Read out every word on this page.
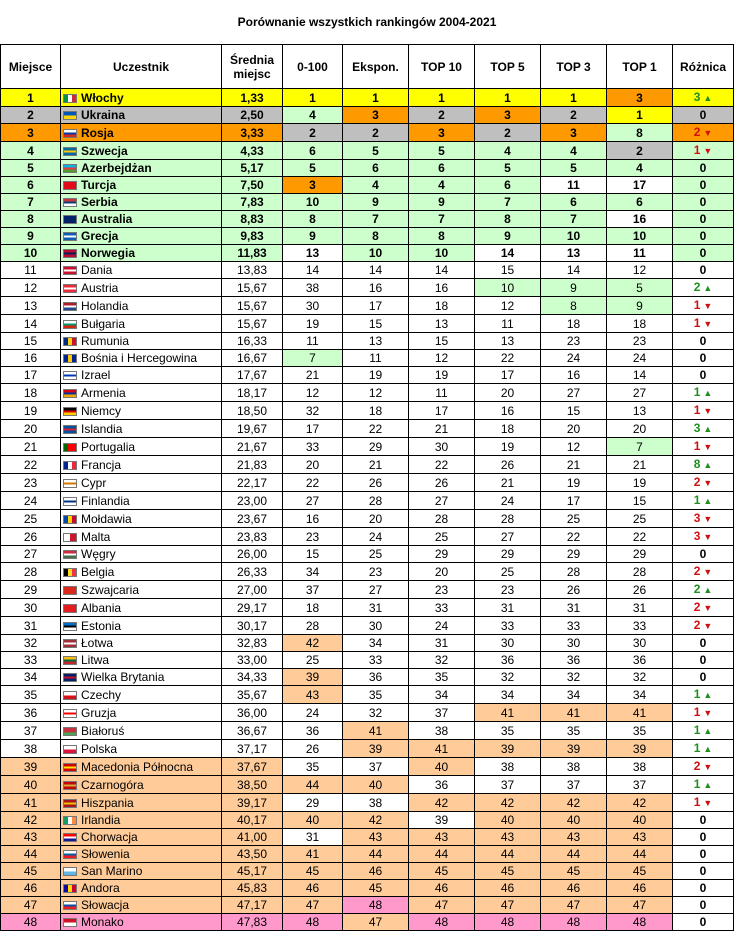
Porównanie wszystkich rankingów 2004-2021
Miejsce	Uczestnik	Średnia miejsc	0-100	Ekspon.	TOP 10	TOP 5	TOP 3	TOP 1	Różnica
1	Włochy	1,33	1	1	1	1	1	3	3 ▲
2	Ukraina	2,50	4	3	2	3	2	1	0
3	Rosja	3,33	2	2	3	2	3	8	2 ▼
4	Szwecja	4,33	6	5	5	4	4	2	1 ▼
5	Azerbejdżan	5,17	5	6	6	5	5	4	0
6	Turcja	7,50	3	4	4	6	11	17	0
7	Serbia	7,83	10	9	9	7	6	6	0
8	Australia	8,83	8	7	7	8	7	16	0
9	Grecja	9,83	9	8	8	9	10	10	0
10	Norwegia	11,83	13	10	10	14	13	11	0
11	Dania	13,83	14	14	14	15	14	12	0
12	Austria	15,67	38	16	16	10	9	5	2 ▲
13	Holandia	15,67	30	17	18	12	8	9	1 ▼
14	Bułgaria	15,67	19	15	13	11	18	18	1 ▼
15	Rumunia	16,33	11	13	15	13	23	23	0
16	Bośnia i Hercegowina	16,67	7	11	12	22	24	24	0
17	Izrael	17,67	21	19	19	17	16	14	0
18	Armenia	18,17	12	12	11	20	27	27	1 ▲
19	Niemcy	18,50	32	18	17	16	15	13	1 ▼
20	Islandia	19,67	17	22	21	18	20	20	3 ▲
21	Portugalia	21,67	33	29	30	19	12	7	1 ▼
22	Francja	21,83	20	21	22	26	21	21	8 ▲
23	Cypr	22,17	22	26	26	21	19	19	2 ▼
24	Finlandia	23,00	27	28	27	24	17	15	1 ▲
25	Mołdawia	23,67	16	20	28	28	25	25	3 ▼
26	Malta	23,83	23	24	25	27	22	22	3 ▼
27	Węgry	26,00	15	25	29	29	29	29	0
28	Belgia	26,33	34	23	20	25	28	28	2 ▼
29	Szwajcaria	27,00	37	27	23	23	26	26	2 ▲
30	Albania	29,17	18	31	33	31	31	31	2 ▼
31	Estonia	30,17	28	30	24	33	33	33	2 ▼
32	Łotwa	32,83	42	34	31	30	30	30	0
33	Litwa	33,00	25	33	32	36	36	36	0
34	Wielka Brytania	34,33	39	36	35	32	32	32	0
35	Czechy	35,67	43	35	34	34	34	34	1 ▲
36	Gruzja	36,00	24	32	37	41	41	41	1 ▼
37	Białoruś	36,67	36	41	38	35	35	35	1 ▲
38	Polska	37,17	26	39	41	39	39	39	1 ▲
39	Macedonia Północna	37,67	35	37	40	38	38	38	2 ▼
40	Czarnogóra	38,50	44	40	36	37	37	37	1 ▲
41	Hiszpania	39,17	29	38	42	42	42	42	1 ▼
42	Irlandia	40,17	40	42	39	40	40	40	0
43	Chorwacja	41,00	31	43	43	43	43	43	0
44	Słowenia	43,50	41	44	44	44	44	44	0
45	San Marino	45,17	45	46	45	45	45	45	0
46	Andora	45,83	46	45	46	46	46	46	0
47	Słowacja	47,17	47	48	47	47	47	47	0
48	Monako	47,83	48	47	48	48	48	48	0
